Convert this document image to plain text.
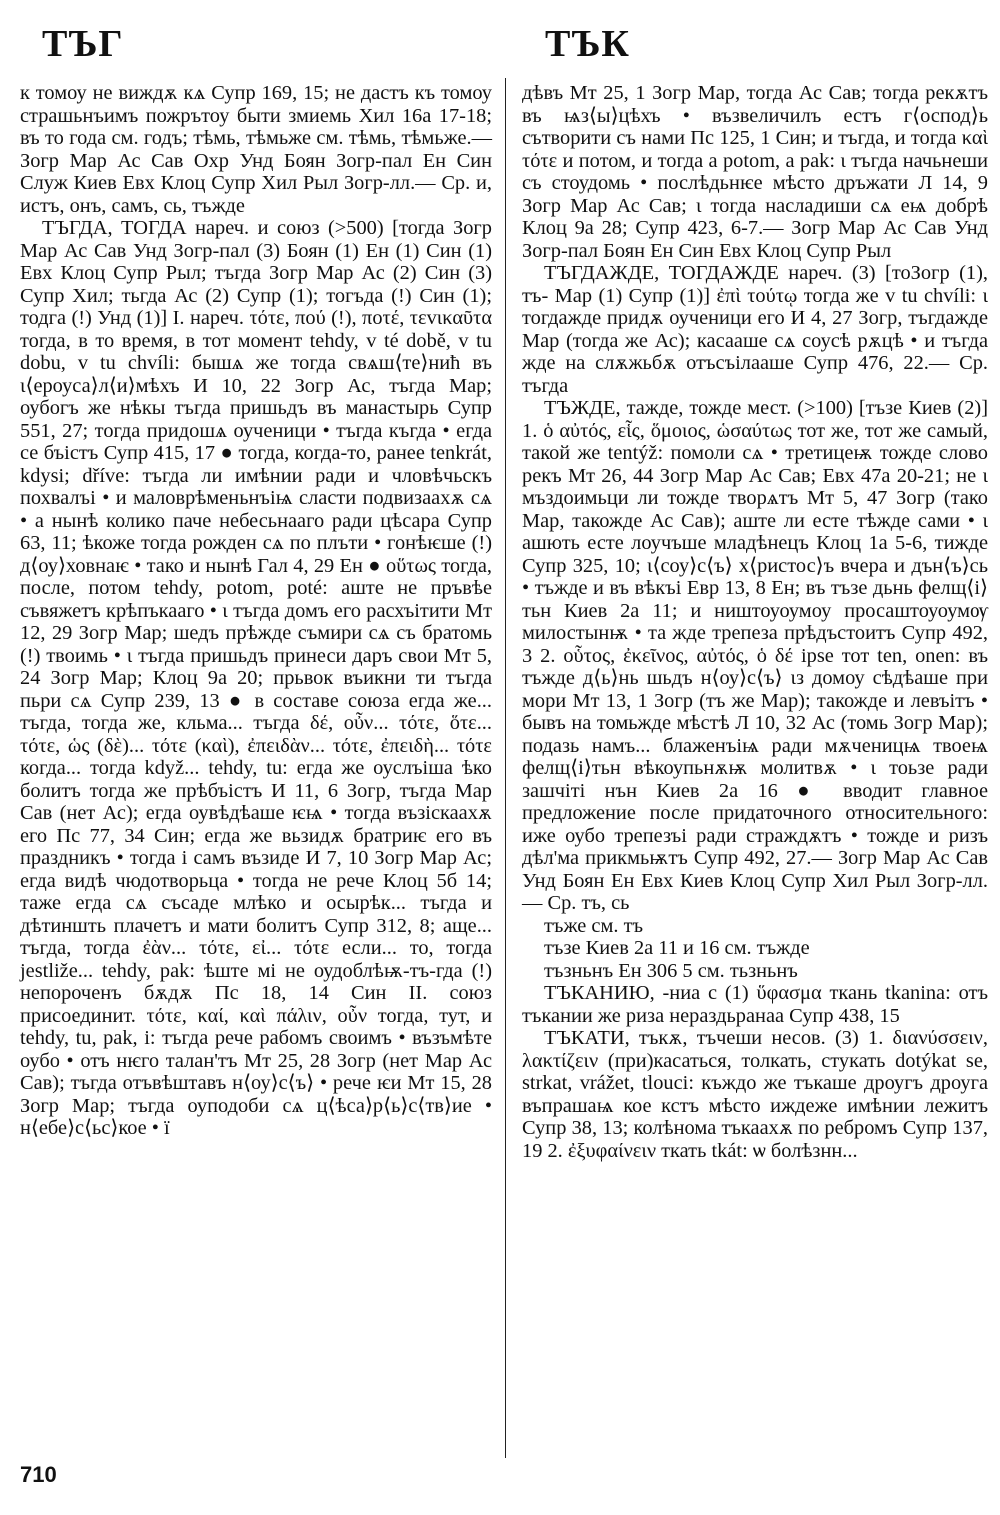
ТЪГ	ТЪК

к томоу не виждѫ кѧ Супр 169, 15; не дастъ къ томоу страшьнъимъ пожрътоу быти змиемь Хил 16а 17-18; въ то года см. годъ; тѣмь, тѣмьже см. тѣмь, тѣмьже.— Зогр Мар Ас Сав Охр Унд Боян Зогр-пал Ен Син Служ Киев Евх Клоц Супр Хил Рыл Зогр-лл.— Ср. и, истъ, онъ, самъ, сь, тъжде

ТЪГДА, ТОГДА нареч. и союз (>500) [тогда Зогр Мар Ас Сав Унд Зогр-пал (3) Боян (1) Ен (1) Син (1) Евх Клоц Супр Рыл; тъгда Зогр Мар Ас (2) Син (3) Супр Хил; тьгда Ас (2) Супр (1); тогъда (!) Син (1); тодга (!) Унд (1)] I. нареч. τότε, πού (!), ποτέ, τεvικαῦτα тогда, в то время, в тот момент tehdy, v té době, v tu dobu, v tu chvíli: бышѧ же тогда свѧш⟨те⟩нић въ ι⟨ероуса⟩л⟨и⟩мѣхъ И 10, 22 Зогр Ас, тъгда Мар; оубогъ же нѣкы тъгда пришьдъ въ манастырь Супр 551, 27; тогда придошѧ оученици • тъгда къгда • егда се бъістъ Супр 415, 17 ● тогда, когда-то, ранее tenkrát, kdysi; dříve: тъгда ли имѣнии ради и чловѣчьскъ похвалъі • и маловрѣменьнъіѩ сласти подвизаахѫ сѧ • а нынѣ колико паче небесьнааго ради цѣсара Супр 63, 11; ѣкоже тогда рожден сѧ по плъти • гонѣѥше (!) д⟨оу⟩ховнаѥ • тако и нынѣ Гал 4, 29 Ен ● οὕτως тогда, после, потом tehdy, potom, poté: аште не пръвѣе съвяжетъ крѣпъкааго • ι тъгда домъ его расхъітити Мт 12, 29 Зогр Мар; шедъ прѣжде съмири сѧ съ братомь (!) твоимь • ι тъгда пришьдъ принеси даръ свои Мт 5, 24 Зогр Мар; Клоц 9а 20; прьвок въикни ти тъгда пьри сѧ Супр 239, 13 ● в составе союза егда же... тъгда, тогда же, кльма... тъгда δέ, οὖν... τότε, ὅτε... τότε, ὡς (δὲ)... τότε (καὶ), ἐπειδὰν... τότε, ἐπειδὴ... τότε когда... тогда když... tehdy, tu: егда же оуслъіша ѣко болитъ тогда же прѣбъістъ И 11, 6 Зогр, тъгда Мар Сав (нет Ас); егда оувѣдѣаше ѥѩ • тогда възіскаахѫ его Пс 77, 34 Син; егда же вьзидѫ братриѥ его въ праздникъ • тогда і самъ възиде И 7, 10 Зогр Мар Ас; егда видѣ чюдотворьца • тогда не рече Клоц 5б 14; таже егда сѧ съсаде млѣко и осырѣк... тъгда и дѣтиншть плачетъ и мати болитъ Супр 312, 8; аще... тъгда, тогда ἐὰν... τότε, εἰ... τότε если... то, тогда jestliže... tehdy, pak: ѣште мі не оудоблѣѭ-тъ-гда (!) непороченъ бѫдѫ Пс 18, 14 Син II. союз присоединит. τότε, καί, καὶ πάλιν, οὖν тогда, тут, и tehdy, tu, pak, i: тъгда рече рабомъ своимъ • възъмѣте оубо • отъ нѥго талан'тъ Мт 25, 28 Зогр (нет Мар Ас Сав); тъгда отъвѣштавъ н⟨оу⟩с⟨ъ⟩ • рече ѥи Мт 15, 28 Зогр Мар; тъгда оуподоби сѧ ц⟨ѣса⟩р⟨ь⟩с⟨тв⟩ие • н⟨ебе⟩с⟨ьс⟩кое • ї

дѣвъ Мт 25, 1 Зогр Мар, тогда Ас Сав; тогда рекѫтъ въ ѩз⟨ы⟩цѣхъ • възвеличилъ естъ г⟨оспод⟩ь сътворити съ нами Пс 125, 1 Син; и тъгда, и тогда καὶ τότε и потом, и тогда a potom, a pak: ι тъгда начьнеши съ стоудомь • послѣдьнѥе мѣсто дръжати Л 14, 9 Зогр Мар Ас Сав; ι тогда насладиши сѧ еѩ добрѣ Клоц 9а 28; Супр 423, 6-7.— Зогр Мар Ас Сав Унд Зогр-пал Боян Ен Син Евх Клоц Супр Рыл

ТЪГДАЖДЕ, ТОГДАЖДЕ нареч. (3) [тоЗогр (1), тъ- Мар (1) Супр (1)] ἐπὶ τούτῳ тогда же v tu chvíli: ι тогдажде придѫ оученици его И 4, 27 Зогр, тъгдажде Мар (тогда же Ас); касааше сѧ соусѣ рѫцѣ • и тъгда жде на слѫжьбѫ отъсъілааше Супр 476, 22.— Ср. тъгда

ТЪЖДЕ, тажде, тожде мест. (>100) [тъзе Киев (2)] 1. ὁ αὐτός, εἷς, ὅμοιος, ὡσαύτως тот же, тот же самый, такой же tentýž: помоли сѧ • третицеѭ тожде слово рекъ Мт 26, 44 Зогр Мар Ас Сав; Евх 47а 20-21; не ι мъздоимьци ли тожде творѧтъ Мт 5, 47 Зогр (тако Мар, такожде Ас Сав); аште ли есте тѣжде сами • ι ашють есте лоучъше младѣнецъ Клоц 1а 5-6, тижде Супр 325, 10; ι⟨соу⟩с⟨ъ⟩ х⟨ристос⟩ъ вчера и дън⟨ъ⟩сь • тъжде и въ вѣкъі Евр 13, 8 Ен; въ тъзе дьнь фелщ⟨і⟩тьн Киев 2а 11; и ништоуоумоу просаштоуоумѹ милостынѭ • та жде трепеза прѣдъстоитъ Супр 492, 3 2. οὗτος, ἐκεῖνος, αὐτός, ὁ δέ ipse тот ten, onen: въ тъжде д⟨ь⟩нь шьдъ н⟨оу⟩с⟨ъ⟩ ιз домоу сѣдѣаше при мори Мт 13, 1 Зогр (тъ же Мар); такожде и левъітъ • бывъ на томьжде мѣстѣ Л 10, 32 Ас (томь Зогр Мар); подазь намъ... блаженъіѩ ради мѫченицѩ твоеѩ фелщ⟨і⟩тьн вѣкоупьнѫѭ молитвѫ • ι тоьзе ради зашчіті нън Киев 2а 16 ● вводит главное предложение после придаточного относительного: иже оубо трепезъі ради страждѫтъ • тожде и ризъ дѣл'ма прикмьѭтъ Супр 492, 27.— Зогр Мар Ас Сав Унд Боян Ен Евх Киев Клоц Супр Хил Рыл Зогр-лл.— Ср. тъ, сь

тъже см. тъ

тъзе Киев 2а 11 и 16 см. тъжде

тъзньнъ Ен 306 5 см. тьзньнъ

ТЪКАНИЮ, -ниа с (1) ὕφασμα ткань tkanina: отъ тъкании же риза нераздьранаа Супр 438, 15

ТЪКАТИ, тъкѫ, тъчеши несов. (3) 1. διανύσσειν, λακτίζειν (при)касаться, толкать, стукать dotýkat se, strkat, vrážet, tlouci: къждо же тъкаше дроугъ дроуга въпрашаѩ кое кстъ мѣсто иждеже имѣнии лежитъ Супр 38, 13; колѣномa тъкаахѫ по ребромъ Супр 137, 19 2. ἐξυφαίνειν ткать tkát: ѡ болѣзнн...

710
